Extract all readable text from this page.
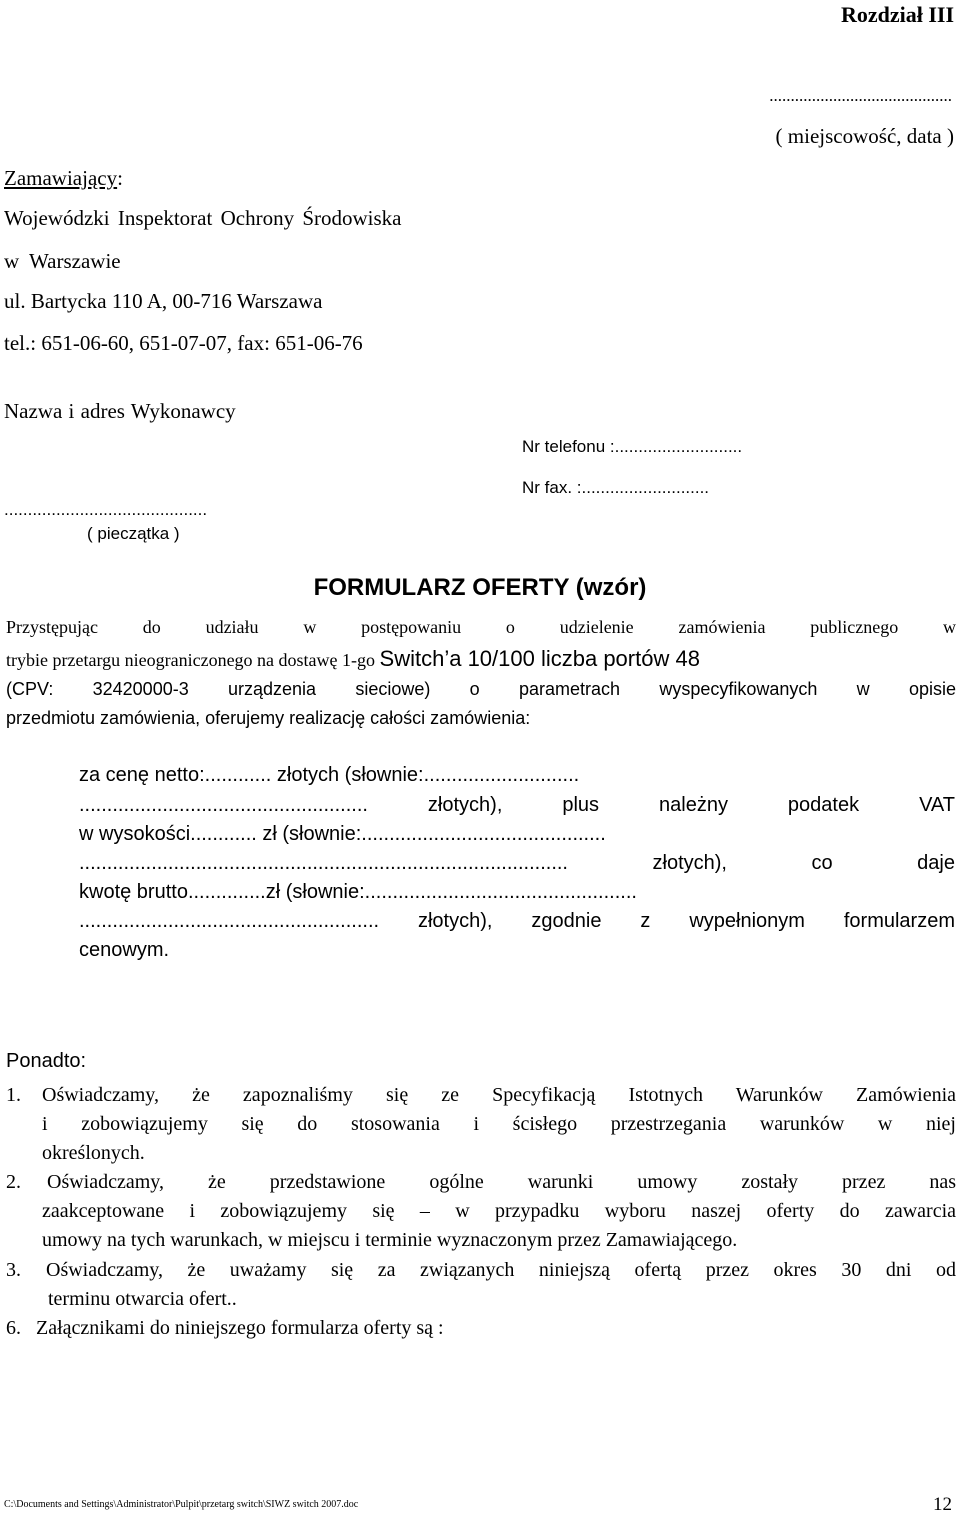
Rozdział III
...........................................
( miejscowość, data )
Zamawiający:
Wojewódzki Inspektorat Ochrony Środowiska
w Warszawie
ul. Bartycka 110 A, 00-716 Warszawa
tel.: 651-06-60, 651-07-07, fax: 651-06-76
Nazwa i adres Wykonawcy
Nr telefonu :...........................
Nr fax. :...........................
...........................................
( pieczątka )
FORMULARZ OFERTY (wzór)
Przystępując do udziału w postępowaniu o udzielenie zamówienia publicznego w
trybie przetargu nieograniczonego na dostawę 1-go Switch’a 10/100 liczba portów 48
(CPV: 32420000-3 urządzenia sieciowe) o parametrach wyspecyfikowanych w opisie
przedmiotu zamówienia, oferujemy realizację całości zamówienia:
za cenę netto:............ złotych (słownie:............................
.................................................... złotych), plus należny podatek VAT
w wysokości............ zł (słownie:............................................
........................................................................................ złotych), co daje
kwotę brutto..............zł (słownie:.................................................
...................................................... złotych), zgodnie z wypełnionym formularzem
cenowym.
Ponadto:
1. Oświadczamy, że zapoznaliśmy się ze Specyfikacją Istotnych Warunków Zamówienia
i zobowiązujemy się do stosowania i ścisłego przestrzegania warunków w niej
określonych.
2. Oświadczamy, że przedstawione ogólne warunki umowy zostały przez nas
zaakceptowane i zobowiązujemy się – w przypadku wyboru naszej oferty do zawarcia
umowy na tych warunkach, w miejscu i terminie wyznaczonym przez Zamawiającego.
3. Oświadczamy, że uważamy się za związanych niniejszą ofertą przez okres 30 dni od
terminu otwarcia ofert..
6. Załącznikami do niniejszego formularza oferty są :
C:\Documents and Settings\Administrator\Pulpit\przetarg switch\SIWZ switch 2007.doc	12
